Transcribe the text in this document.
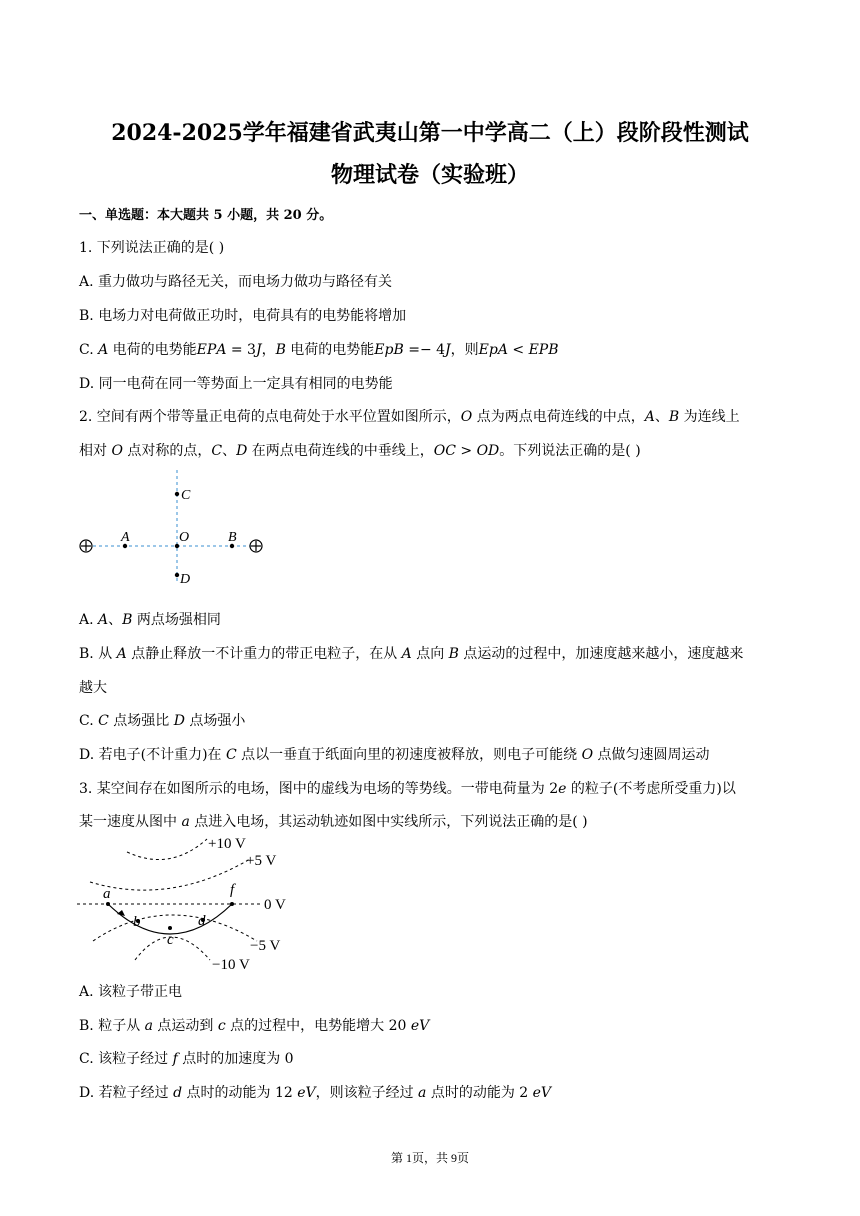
2024-2025学年福建省武夷山第一中学高二（上）段阶段性测试
物理试卷（实验班）
一、单选题：本大题共 5 小题，共 20 分。
1. 下列说法正确的是( )
A. 重力做功与路径无关，而电场力做功与路径有关
B. 电场力对电荷做正功时，电荷具有的电势能将增加
C. 𝐴 电荷的电势能𝐸𝑃𝐴 = 3𝐽，𝐵 电荷的电势能𝐸𝑝𝐵 =− 4𝐽，则𝐸𝑝𝐴 < 𝐸𝑃𝐵
D. 同一电荷在同一等势面上一定具有相同的电势能
2. 空间有两个带等量正电荷的点电荷处于水平位置如图所示，𝑂 点为两点电荷连线的中点，𝐴、𝐵 为连线上
相对 𝑂 点对称的点，𝐶、𝐷 在两点电荷连线的中垂线上，𝑂𝐶 > 𝑂𝐷。下列说法正确的是( )
C
A	O	B
D
A. 𝐴、𝐵 两点场强相同
B. 从 𝐴 点静止释放一不计重力的带正电粒子，在从 𝐴 点向 𝐵 点运动的过程中，加速度越来越小，速度越来
越大
C. 𝐶 点场强比 𝐷 点场强小
D. 若电子(不计重力)在 𝐶 点以一垂直于纸面向里的初速度被释放，则电子可能绕 𝑂 点做匀速圆周运动
3. 某空间存在如图所示的电场，图中的虚线为电场的等势线。一带电荷量为 2𝑒 的粒子(不考虑所受重力)以
某一速度从图中 𝑎 点进入电场，其运动轨迹如图中实线所示，下列说法正确的是( )
a
b
c
d
f
+10 V
+5 V
0 V
−5 V
−10 V
A. 该粒子带正电
B. 粒子从 𝑎 点运动到 𝑐 点的过程中，电势能增大 20 𝑒𝑉
C. 该粒子经过 𝑓 点时的加速度为 0
D. 若粒子经过 𝑑 点时的动能为 12 𝑒𝑉，则该粒子经过 𝑎 点时的动能为 2 𝑒𝑉
第 1页，共 9页
